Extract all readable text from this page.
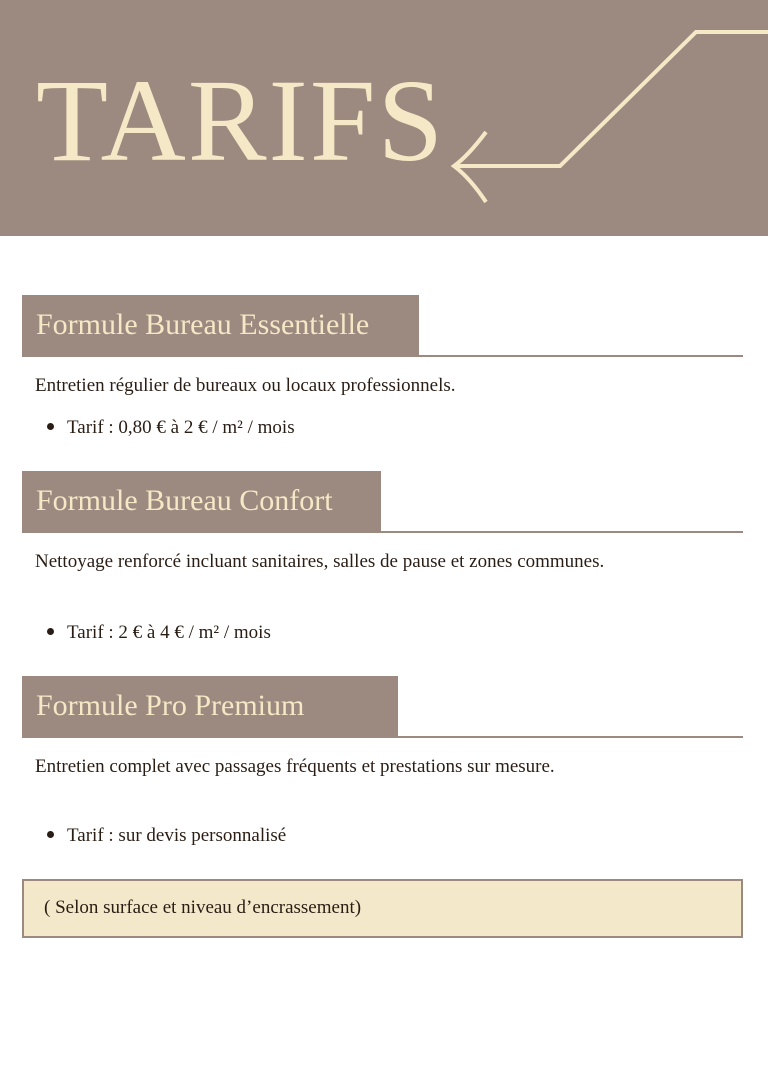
TARIFS
Formule Bureau Essentielle
Entretien régulier de bureaux ou locaux professionnels.
Tarif : 0,80 € à 2 € / m² / mois
Formule Bureau Confort
Nettoyage renforcé incluant sanitaires, salles de pause et zones communes.
Tarif : 2 € à 4 € / m² / mois
Formule Pro Premium
Entretien complet avec passages fréquents et prestations sur mesure.
Tarif : sur devis personnalisé
( Selon surface et niveau d’encrassement)
